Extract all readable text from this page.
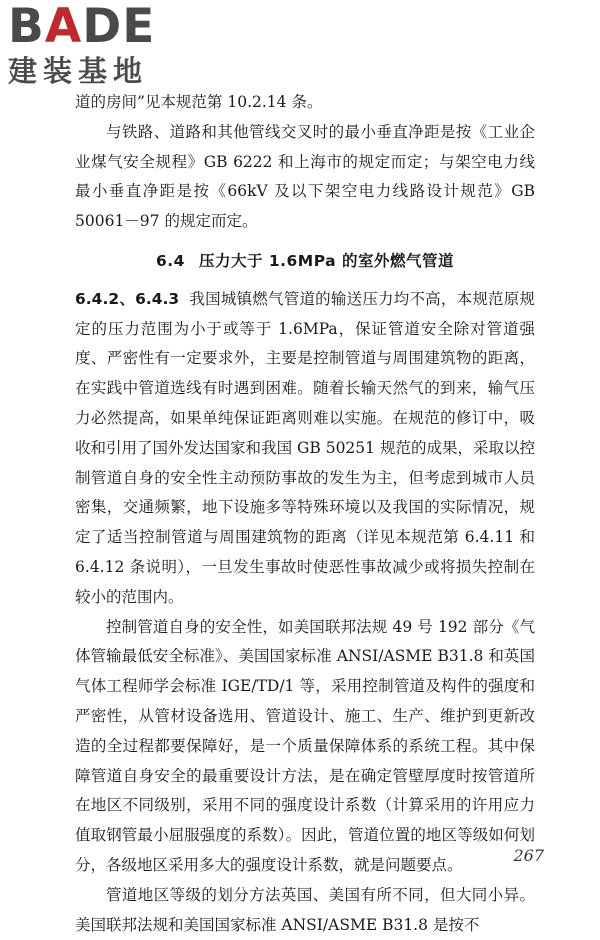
BADE
建装基地

道的房间”见本规范第 10.2.14 条。

与铁路、道路和其他管线交叉时的最小垂直净距是按《工业企业煤气安全规程》GB 6222 和上海市的规定而定；与架空电力线最小垂直净距是按《66kV 及以下架空电力线路设计规范》GB 50061－97 的规定而定。

6.4 压力大于 1.6MPa 的室外燃气管道

6.4.2、6.4.3 我国城镇燃气管道的输送压力均不高，本规范原规定的压力范围为小于或等于 1.6MPa，保证管道安全除对管道强度、严密性有一定要求外，主要是控制管道与周围建筑物的距离，在实践中管道选线有时遇到困难。随着长输天然气的到来，输气压力必然提高，如果单纯保证距离则难以实施。在规范的修订中，吸收和引用了国外发达国家和我国 GB 50251 规范的成果，采取以控制管道自身的安全性主动预防事故的发生为主，但考虑到城市人员密集，交通频繁，地下设施多等特殊环境以及我国的实际情况，规定了适当控制管道与周围建筑物的距离（详见本规范第 6.4.11 和 6.4.12 条说明），一旦发生事故时使恶性事故减少或将损失控制在较小的范围内。

控制管道自身的安全性，如美国联邦法规 49 号 192 部分《气体管输最低安全标准》、美国国家标准 ANSI/ASME B31.8 和英国气体工程师学会标准 IGE/TD/1 等，采用控制管道及构件的强度和严密性，从管材设备选用、管道设计、施工、生产、维护到更新改造的全过程都要保障好，是一个质量保障体系的系统工程。其中保障管道自身安全的最重要设计方法，是在确定管壁厚度时按管道所在地区不同级别，采用不同的强度设计系数（计算采用的许用应力值取钢管最小屈服强度的系数）。因此，管道位置的地区等级如何划分，各级地区采用多大的强度设计系数，就是问题要点。

管道地区等级的划分方法英国、美国有所不同，但大同小异。美国联邦法规和美国国家标准 ANSI/ASME B31.8 是按不

267
